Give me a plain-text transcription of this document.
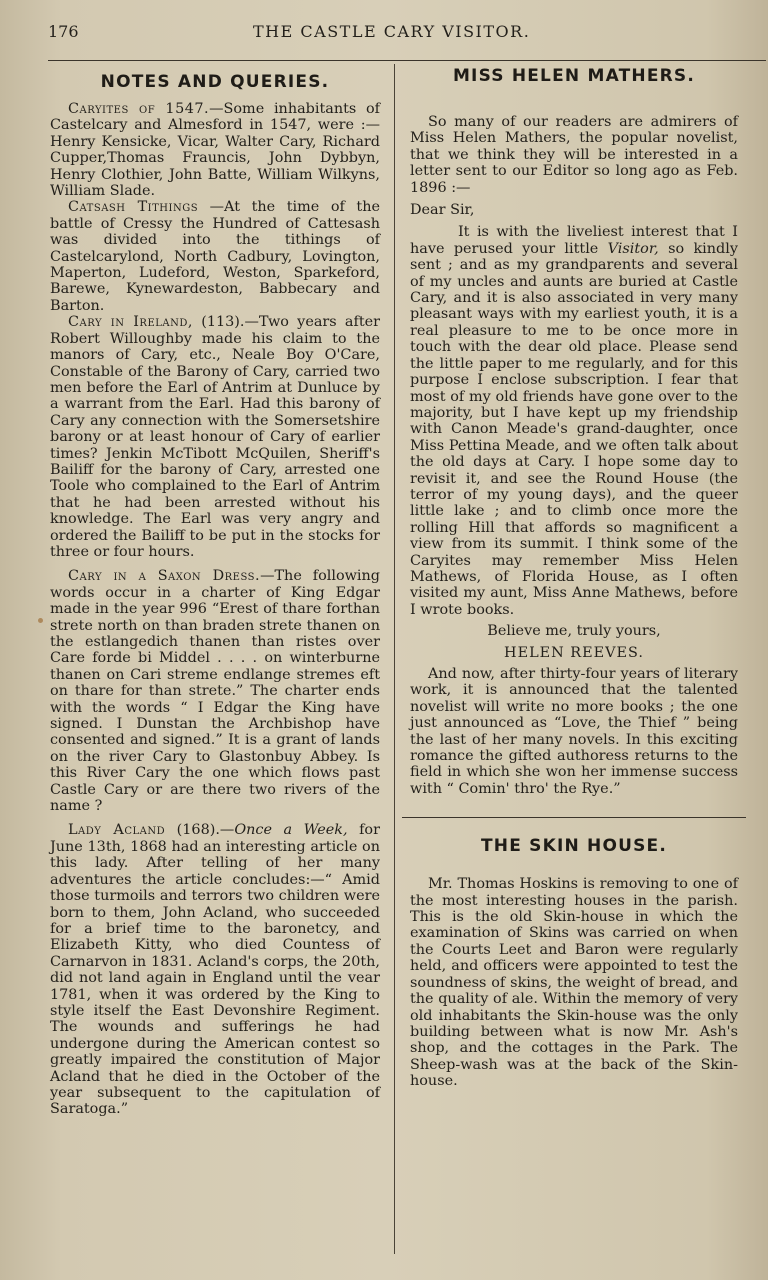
176	THE CASTLE CARY VISITOR.
NOTES AND QUERIES.

Caryites of 1547.—Some inhabitants of Castelcary and Almesford in 1547, were :—Henry Kensicke, Vicar, Walter Cary, Richard Cupper,Thomas Frauncis, John Dybbyn, Henry Clothier, John Batte, William Wilkyns, William Slade.

Catsash Tithings —At the time of the battle of Cressy the Hundred of Cattesash was divided into the tithings of Castelcarylond, North Cadbury, Lovington, Maperton, Ludeford, Weston, Sparkeford, Barewe, Kynewardeston, Babbecary and Barton.

Cary in Ireland, (113).—Two years after Robert Willoughby made his claim to the manors of Cary, etc., Neale Boy O'Care, Constable of the Barony of Cary, carried two men before the Earl of Antrim at Dunluce by a warrant from the Earl. Had this barony of Cary any connection with the Somersetshire barony or at least honour of Cary of earlier times? Jenkin McTibott McQuilen, Sheriff's Bailiff for the barony of Cary, arrested one Toole who complained to the Earl of Antrim that he had been arrested without his knowledge. The Earl was very angry and ordered the Bailiff to be put in the stocks for three or four hours.

Cary in a Saxon Dress.—The following words occur in a charter of King Edgar made in the year 996 “Erest of thare forthan strete north on than braden strete thanen on the estlangedich thanen than ristes over Care forde bi Middel . . . . on winterburne thanen on Cari streme endlange stremes eft on thare for than strete.” The charter ends with the words “ I Edgar the King have signed. I Dunstan the Archbishop have consented and signed.” It is a grant of lands on the river Cary to Glastonbuy Abbey. Is this River Cary the one which flows past Castle Cary or are there two rivers of the name ?

Lady Acland (168).—Once a Week, for June 13th, 1868 had an interesting article on this lady. After telling of her many adventures the article concludes:—“ Amid those turmoils and terrors two children were born to them, John Acland, who succeeded for a brief time to the baronetcy, and Elizabeth Kitty, who died Countess of Carnarvon in 1831. Acland's corps, the 20th, did not land again in England until the vear 1781, when it was ordered by the King to style itself the East Devonshire Regiment. The wounds and sufferings he had undergone during the American contest so greatly impaired the constitution of Major Acland that he died in the October of the year subsequent to the capitulation of Saratoga.”

MISS HELEN MATHERS.

So many of our readers are admirers of Miss Helen Mathers, the popular novelist, that we think they will be interested in a letter sent to our Editor so long ago as Feb. 1896 :—

Dear Sir,

It is with the liveliest interest that I have perused your little Visitor, so kindly sent ; and as my grandparents and several of my uncles and aunts are buried at Castle Cary, and it is also associated in very many pleasant ways with my earliest youth, it is a real pleasure to me to be once more in touch with the dear old place. Please send the little paper to me regularly, and for this purpose I enclose subscription. I fear that most of my old friends have gone over to the majority, but I have kept up my friendship with Canon Meade's grand-daughter, once Miss Pettina Meade, and we often talk about the old days at Cary. I hope some day to revisit it, and see the Round House (the terror of my young days), and the queer little lake ; and to climb once more the rolling Hill that affords so magnificent a view from its summit. I think some of the Caryites may remember Miss Helen Mathews, of Florida House, as I often visited my aunt, Miss Anne Mathews, before I wrote books.

Believe me, truly yours,

HELEN REEVES.

And now, after thirty-four years of literary work, it is announced that the talented novelist will write no more books ; the one just announced as “Love, the Thief ” being the last of her many novels. In this exciting romance the gifted authoress returns to the field in which she won her immense success with “ Comin' thro' the Rye.”

THE SKIN HOUSE.

Mr. Thomas Hoskins is removing to one of the most interesting houses in the parish. This is the old Skin-house in which the examination of Skins was carried on when the Courts Leet and Baron were regularly held, and officers were appointed to test the soundness of skins, the weight of bread, and the quality of ale. Within the memory of very old inhabitants the Skin-house was the only building between what is now Mr. Ash's shop, and the cottages in the Park. The Sheep-wash was at the back of the Skin-house.
